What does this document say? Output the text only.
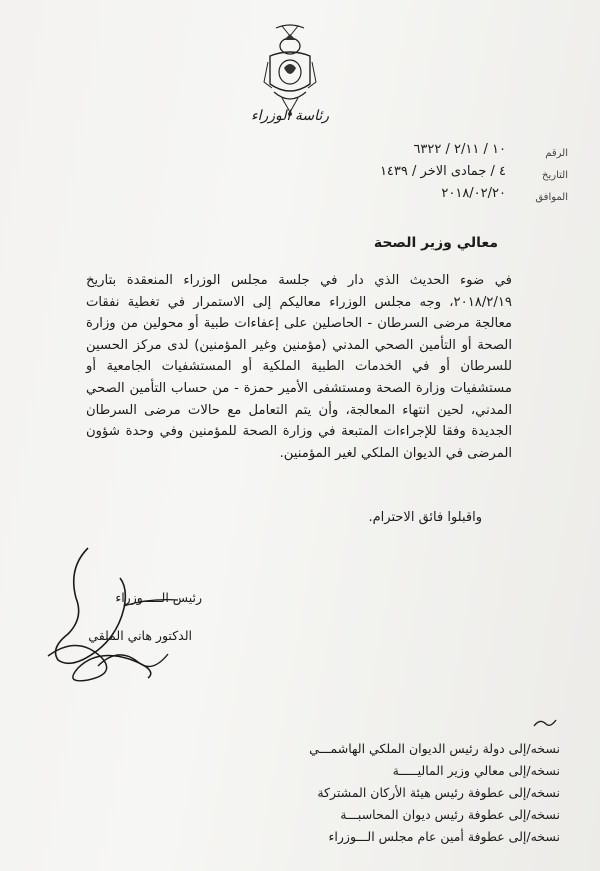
رئاسة الوزراء
الرقم
١٠ / ٢/١١ / ٦٣٢٢
التاريخ
٤ / جمادى الاخر / ١٤٣٩
الموافق
٢٠١٨/٠٢/٢٠
معالي وزير الصحة
في ضوء الحديث الذي دار في جلسة مجلس الوزراء المنعقدة بتاريخ ٢٠١٨/٢/١٩، وجه مجلس الوزراء معاليكم إلى الاستمرار في تغطية نفقات معالجة مرضى السرطان - الحاصلين على إعفاءات طبية أو محولين من وزارة الصحة أو التأمين الصحي المدني (مؤمنين وغير المؤمنين) لدى مركز الحسين للسرطان أو في الخدمات الطبية الملكية أو المستشفيات الجامعية أو مستشفيات وزارة الصحة ومستشفى الأمير حمزة - من حساب التأمين الصحي المدني، لحين انتهاء المعالجة، وأن يتم التعامل مع حالات مرضى السرطان الجديدة وفقا للإجراءات المتبعة في وزارة الصحة للمؤمنين وفي وحدة شؤون المرضى في الديوان الملكي لغير المؤمنين.
واقبلوا فائق الاحترام.
رئيس الـــــوزراء
الدكتور هاني الملقي
نسخه/إلى دولة رئيس الديوان الملكي الهاشمـــي
نسخه/إلى معالي وزير الماليـــــة
نسخه/إلى عطوفة رئيس هيئة الأركان المشتركة
نسخه/إلى عطوفة رئيس ديوان المحاسبـــة
نسخه/إلى عطوفة أمين عام مجلس الـــوزراء
